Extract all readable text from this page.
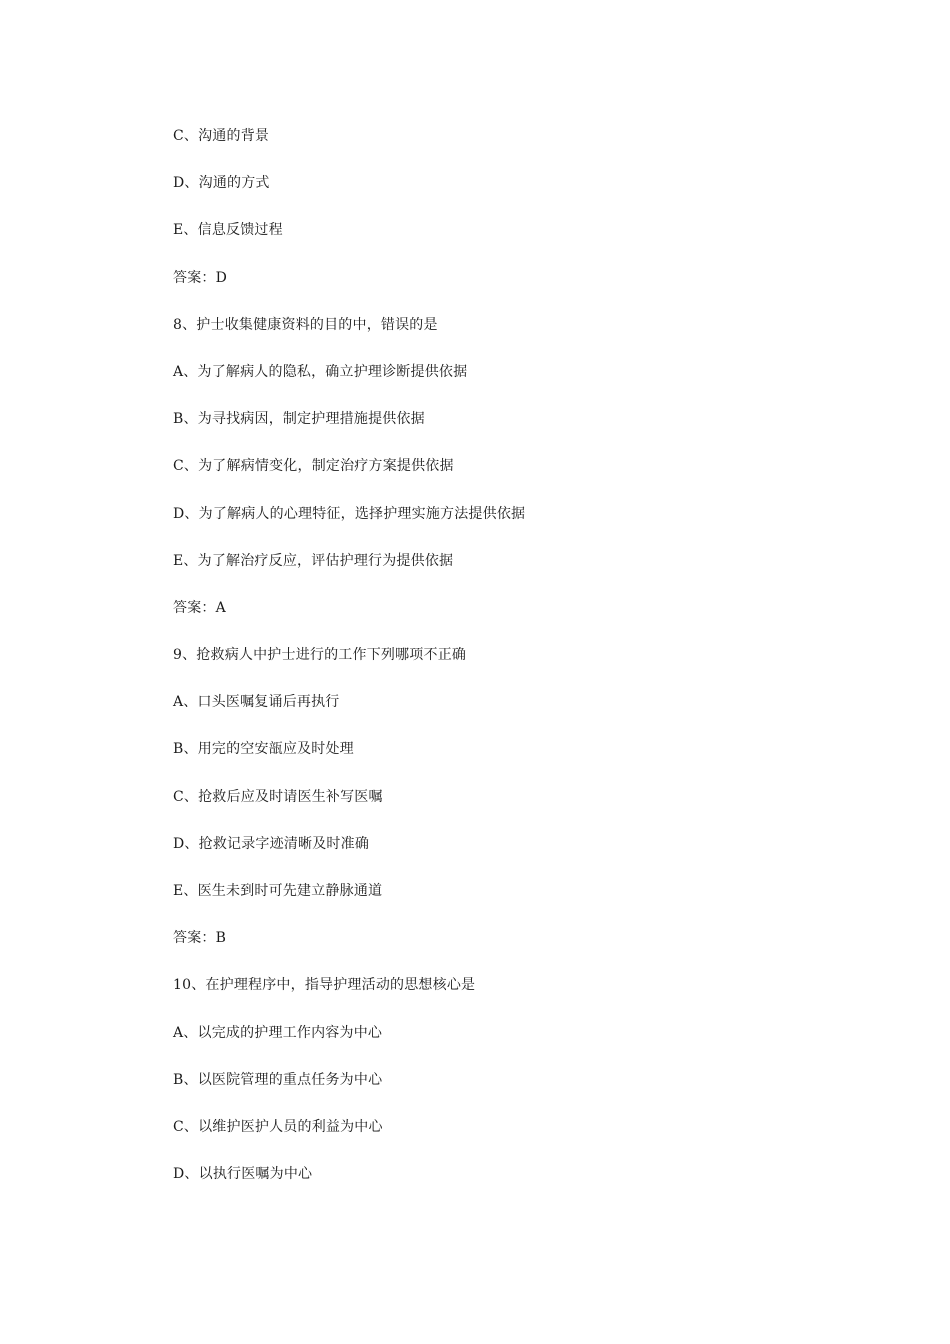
C、沟通的背景
D、沟通的方式
E、信息反馈过程
答案：D
8、护士收集健康资料的目的中，错误的是
A、为了解病人的隐私，确立护理诊断提供依据
B、为寻找病因，制定护理措施提供依据
C、为了解病情变化，制定治疗方案提供依据
D、为了解病人的心理特征，选择护理实施方法提供依据
E、为了解治疗反应，评估护理行为提供依据
答案：A
9、抢救病人中护士进行的工作下列哪项不正确
A、口头医嘱复诵后再执行
B、用完的空安瓿应及时处理
C、抢救后应及时请医生补写医嘱
D、抢救记录字迹清晰及时准确
E、医生未到时可先建立静脉通道
答案：B
10、在护理程序中，指导护理活动的思想核心是
A、以完成的护理工作内容为中心
B、以医院管理的重点任务为中心
C、以维护医护人员的利益为中心
D、以执行医嘱为中心
